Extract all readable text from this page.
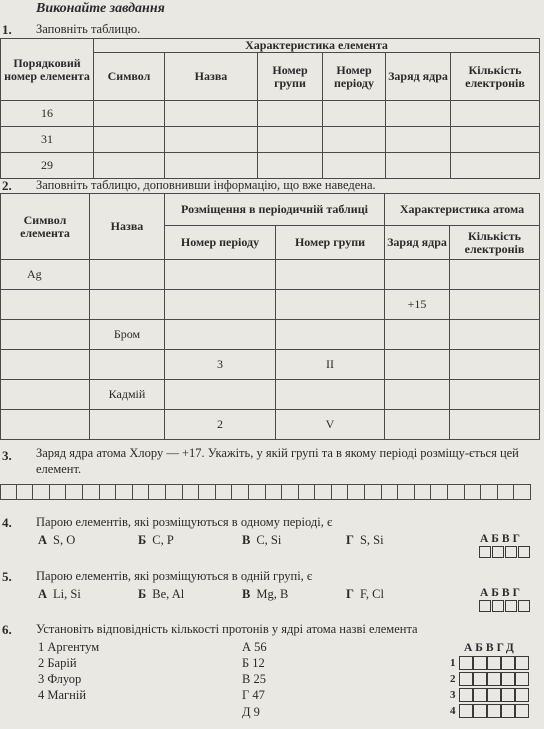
Виконайте завдання
1. Заповніть таблицю.
Порядковий номер елемента	Характеристика елемента					
	Символ	Назва	Номер групи	Номер періоду	Заряд ядра	Кількість електронів
16						
31						
29						
2. Заповніть таблицю, доповнивши інформацію, що вже наведена.
Символ елемента	Назва	Розміщення в періодичній таблиці		Характеристика атома	
		Номер періоду	Номер групи	Заряд ядра	Кількість електронів
Ag					
				+15	
	Бром				
		3	II		
	Кадмій				
		2	V		
3. Заряд ядра атома Хлору — +17. Укажіть, у якій групі та в якому періоді розміщу-ється цей елемент.
4. Парою елементів, які розміщуються в одному періоді, є
А S, O	Б C, P	В C, Si	Г S, Si	АБВГ
5. Парою елементів, які розміщуються в одній групі, є
А Li, Si	Б Be, Al	В Mg, B	Г F, Cl	АБВГ
6. Установіть відповідність кількості протонів у ядрі атома назві елемента
1 Аргентум
2 Барій
3 Флуор
4 Магній
А 56
Б 12
В 25
Г 47
Д 9
АБВГД
1
2
3
4
